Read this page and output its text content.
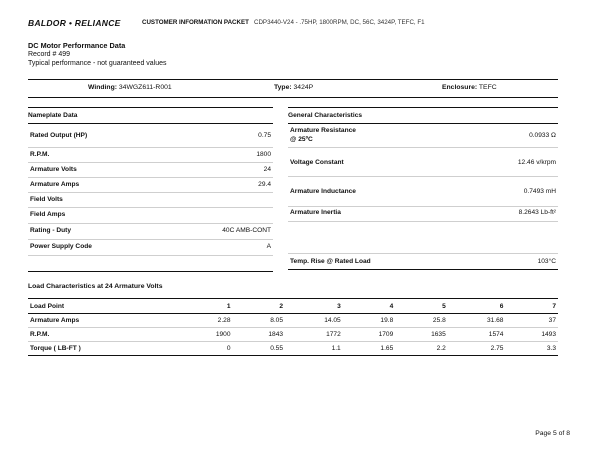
BALDOR • RELIANCE	CUSTOMER INFORMATION PACKET CDP3440-V24 - .75HP, 1800RPM, DC, 56C, 3424P, TEFC, F1
DC Motor Performance Data
Record # 499
Typical performance - not guaranteed values
Winding: 34WGZ611-R001	Type: 3424P	Enclosure: TEFC
Nameplate Data
Rated Output (HP)	0.75
R.P.M.	1800
Armature Volts	24
Armature Amps	29.4
Field Volts
Field Amps
Rating - Duty	40C AMB-CONT
Power Supply Code	A
General Characteristics
Armature Resistance
@ 25ºC
0.0933 Ω
Voltage Constant	12.46 v/krpm
Armature Inductance	0.7493 mH
Armature Inertia	8.2643 Lb-ft²
Temp. Rise @ Rated Load	103°C
Load Characteristics at 24 Armature Volts
Load Point	1	2	3	4	5	6	7
Armature Amps	2.28	8.05	14.05	19.8	25.8	31.68	37
R.P.M.	1900	1843	1772	1709	1635	1574	1493
Torque ( LB-FT )	0	0.55	1.1	1.65	2.2	2.75	3.3
Page 5 of 8
